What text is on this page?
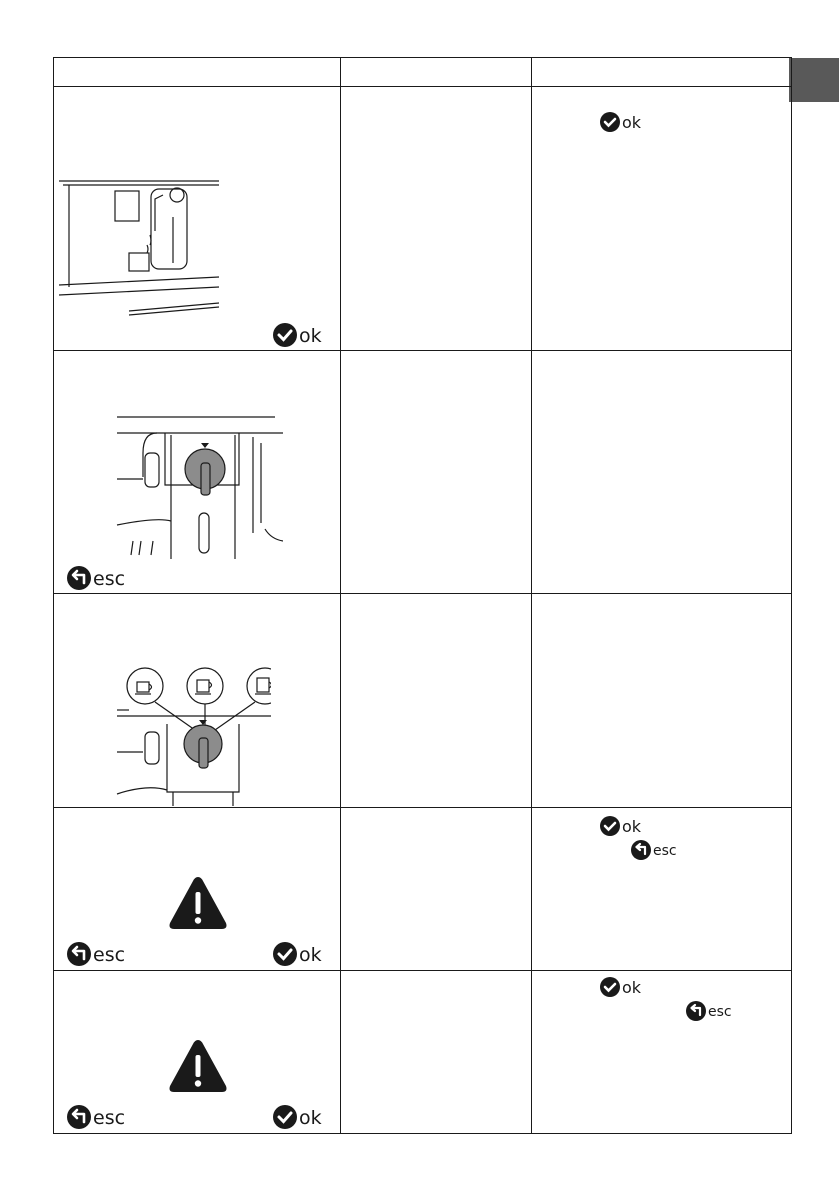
ok
ok
esc
esc	ok
ok
esc
esc	ok
ok
esc
